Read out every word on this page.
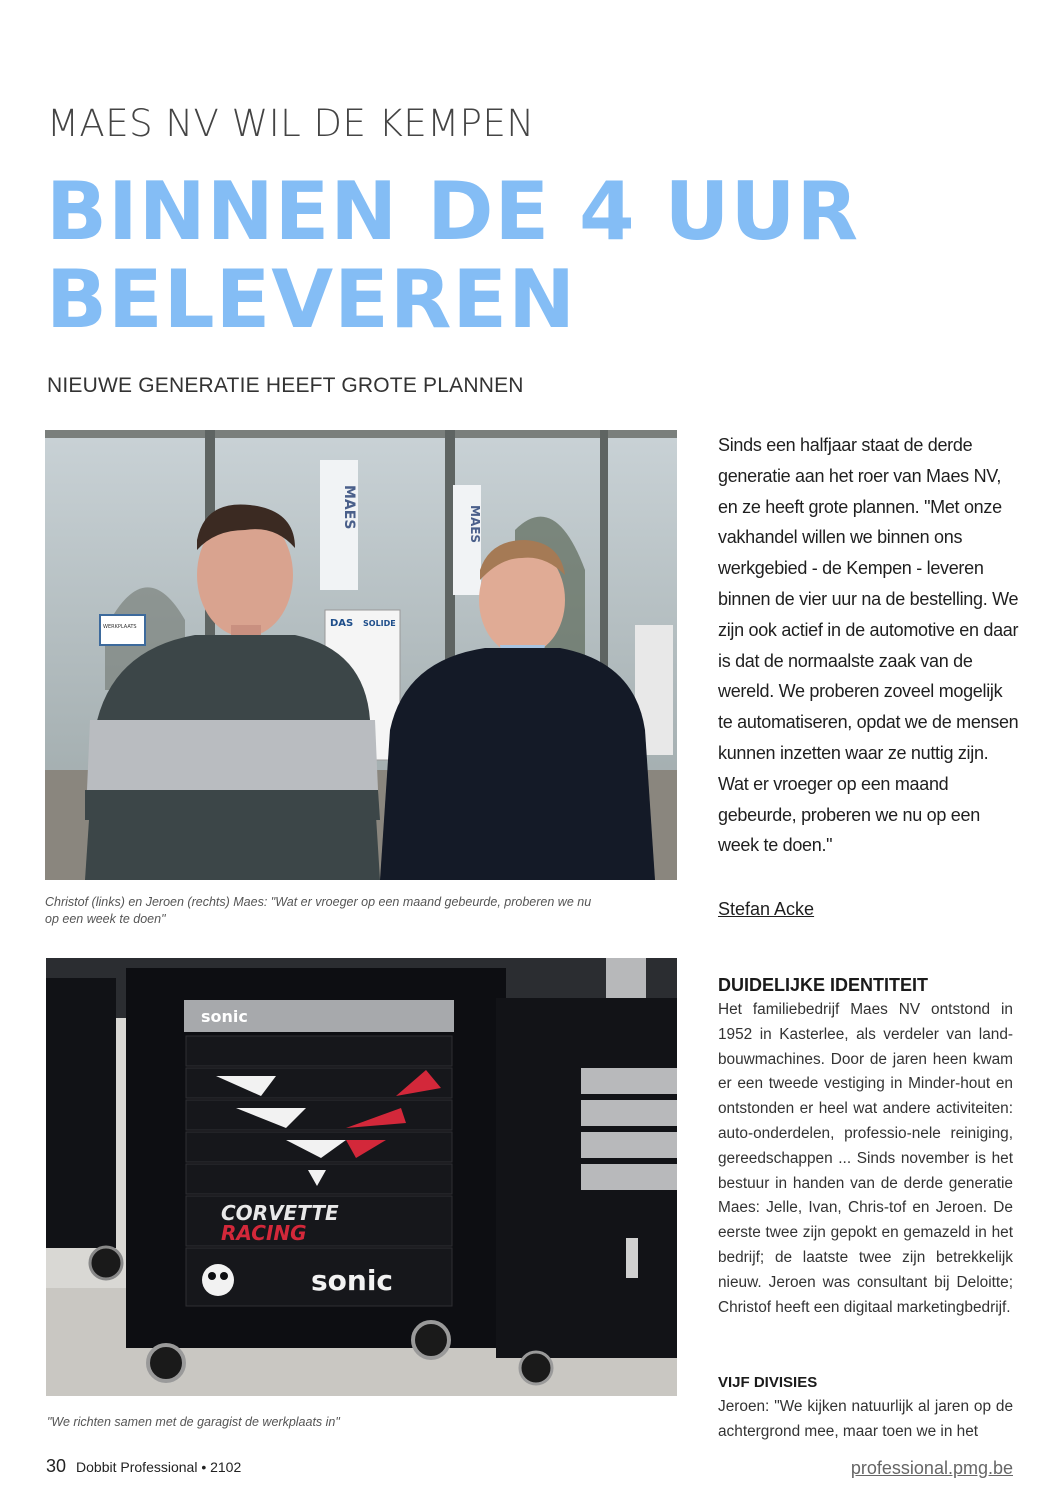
MAES NV WIL DE KEMPEN

BINNEN DE 4 UUR
BELEVEREN

NIEUWE GENERATIE HEEFT GROTE PLANNEN

MAES	MAES
DAS SOLIDE
WERKPLAATS

Christof (links) en Jeroen (rechts) Maes: "Wat er vroeger op een maand gebeurde, proberen we nu op een week te doen"

Sinds een halfjaar staat de derde generatie aan het roer van Maes NV, en ze heeft grote plannen. "Met onze vakhandel willen we binnen ons werkgebied - de Kempen - leveren binnen de vier uur na de bestelling. We zijn ook actief in de automotive en daar is dat de normaalste zaak van de wereld. We proberen zoveel mogelijk te automatiseren, opdat we de mensen kunnen inzetten waar ze nuttig zijn. Wat er vroeger op een maand gebeurde, proberen we nu op een week te doen."

Stefan Acke

sonic
CORVETTE
RACING
sonic

"We richten samen met de garagist de werkplaats in"

DUIDELIJKE IDENTITEIT

Het familiebedrijf Maes NV ontstond in 1952 in Kasterlee, als verdeler van land-bouwmachines. Door de jaren heen kwam er een tweede vestiging in Minder-hout en ontstonden er heel wat andere activiteiten: auto-onderdelen, professio-nele reiniging, gereedschappen ... Sinds november is het bestuur in handen van de derde generatie Maes: Jelle, Ivan, Chris-tof en Jeroen. De eerste twee zijn gepokt en gemazeld in het bedrijf; de laatste twee zijn betrekkelijk nieuw. Jeroen was consultant bij Deloitte; Christof heeft een digitaal marketingbedrijf.

VIJF DIVISIES

Jeroen: "We kijken natuurlijk al jaren op de achtergrond mee, maar toen we in het

30 Dobbit Professional • 2102	professional.pmg.be
